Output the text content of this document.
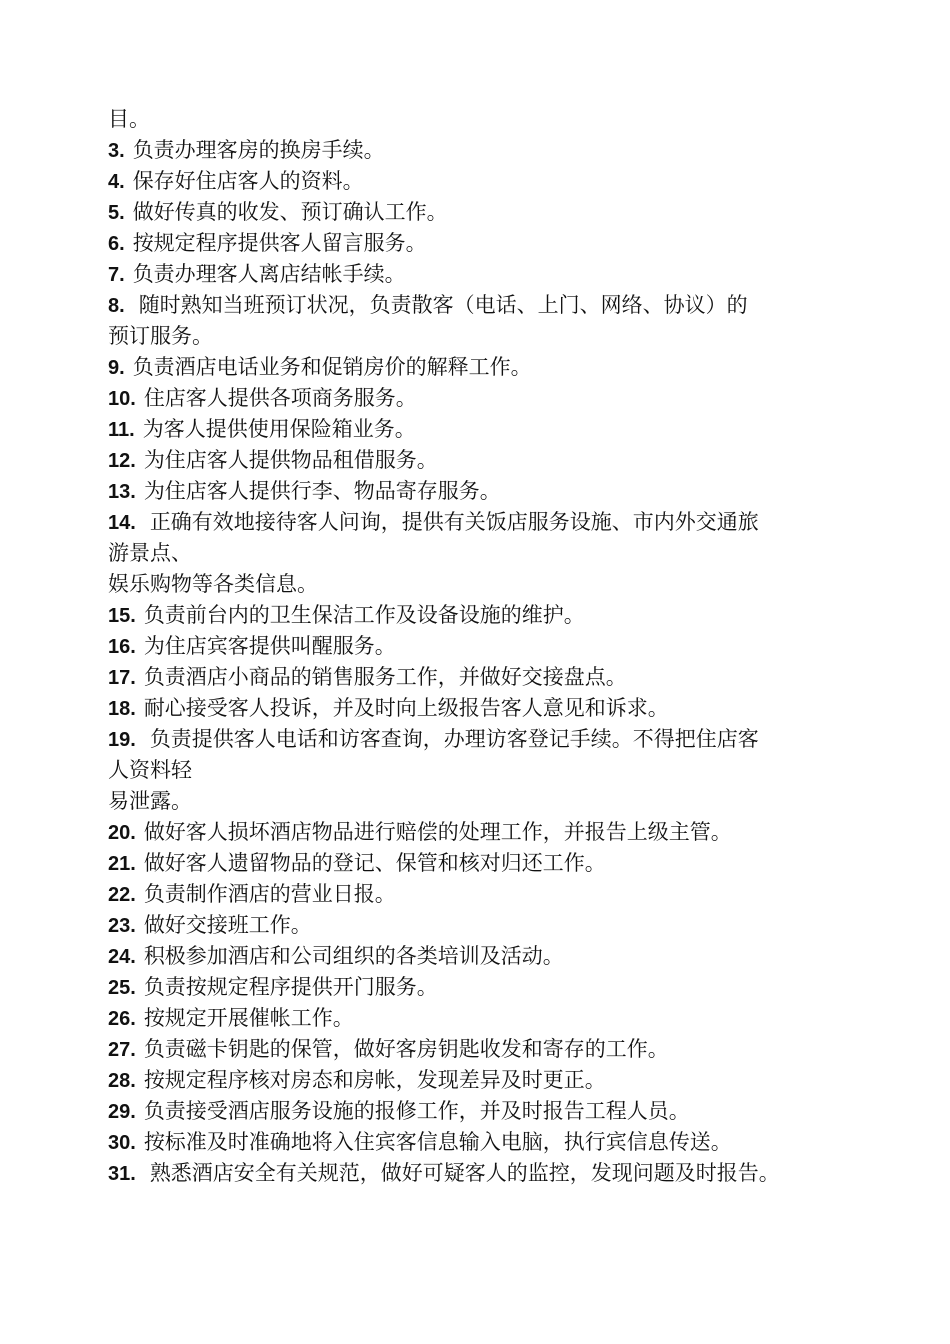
目。
3. 负责办理客房的换房手续。
4. 保存好住店客人的资料。
5. 做好传真的收发、预订确认工作。
6. 按规定程序提供客人留言服务。
7. 负责办理客人离店结帐手续。
8. 随时熟知当班预订状况，负责散客（电话、上门、网络、协议）的
预订服务。
9. 负责酒店电话业务和促销房价的解释工作。
10. 住店客人提供各项商务服务。
11. 为客人提供使用保险箱业务。
12. 为住店客人提供物品租借服务。
13. 为住店客人提供行李、物品寄存服务。
14. 正确有效地接待客人问询，提供有关饭店服务设施、市内外交通旅
游景点、
娱乐购物等各类信息。
15. 负责前台内的卫生保洁工作及设备设施的维护。
16. 为住店宾客提供叫醒服务。
17. 负责酒店小商品的销售服务工作，并做好交接盘点。
18. 耐心接受客人投诉，并及时向上级报告客人意见和诉求。
19. 负责提供客人电话和访客查询，办理访客登记手续。不得把住店客
人资料轻
易泄露。
20. 做好客人损坏酒店物品进行赔偿的处理工作，并报告上级主管。
21. 做好客人遗留物品的登记、保管和核对归还工作。
22. 负责制作酒店的营业日报。
23. 做好交接班工作。
24. 积极参加酒店和公司组织的各类培训及活动。
25. 负责按规定程序提供开门服务。
26. 按规定开展催帐工作。
27. 负责磁卡钥匙的保管，做好客房钥匙收发和寄存的工作。
28. 按规定程序核对房态和房帐，发现差异及时更正。
29. 负责接受酒店服务设施的报修工作，并及时报告工程人员。
30. 按标准及时准确地将入住宾客信息输入电脑，执行宾信息传送。
31. 熟悉酒店安全有关规范，做好可疑客人的监控，发现问题及时报告。
